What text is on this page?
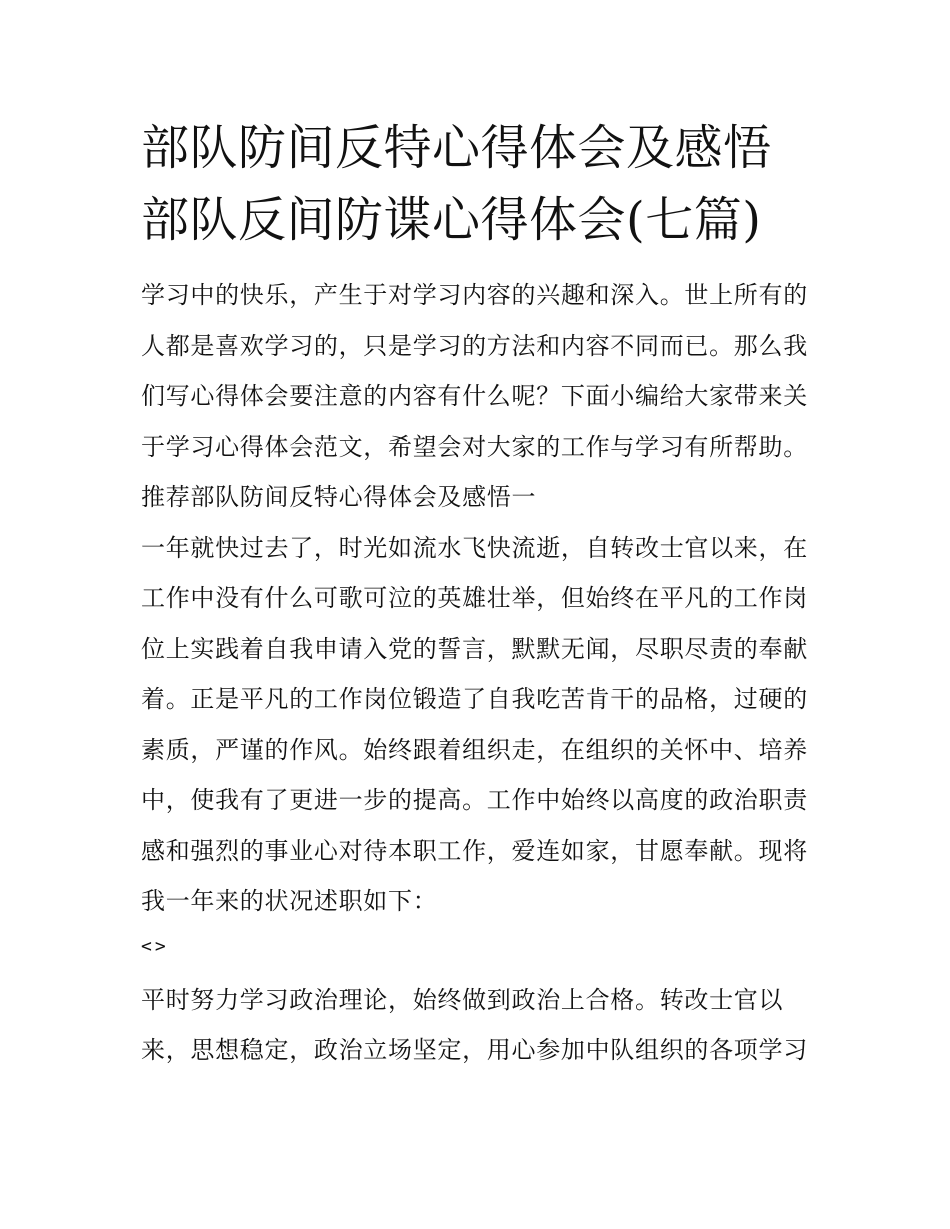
部队防间反特心得体会及感悟
部队反间防谍心得体会(七篇)
学习中的快乐，产生于对学习内容的兴趣和深入。世上所有的
人都是喜欢学习的，只是学习的方法和内容不同而已。那么我
们写心得体会要注意的内容有什么呢？下面小编给大家带来关
于学习心得体会范文，希望会对大家的工作与学习有所帮助。
推荐部队防间反特心得体会及感悟一
一年就快过去了，时光如流水飞快流逝，自转改士官以来，在
工作中没有什么可歌可泣的英雄壮举，但始终在平凡的工作岗
位上实践着自我申请入党的誓言，默默无闻，尽职尽责的奉献
着。正是平凡的工作岗位锻造了自我吃苦肯干的品格，过硬的
素质，严谨的作风。始终跟着组织走，在组织的关怀中、培养
中，使我有了更进一步的提高。工作中始终以高度的政治职责
感和强烈的事业心对待本职工作，爱连如家，甘愿奉献。现将
我一年来的状况述职如下：
<>
平时努力学习政治理论，始终做到政治上合格。转改士官以
来，思想稳定，政治立场坚定，用心参加中队组织的各项学习
